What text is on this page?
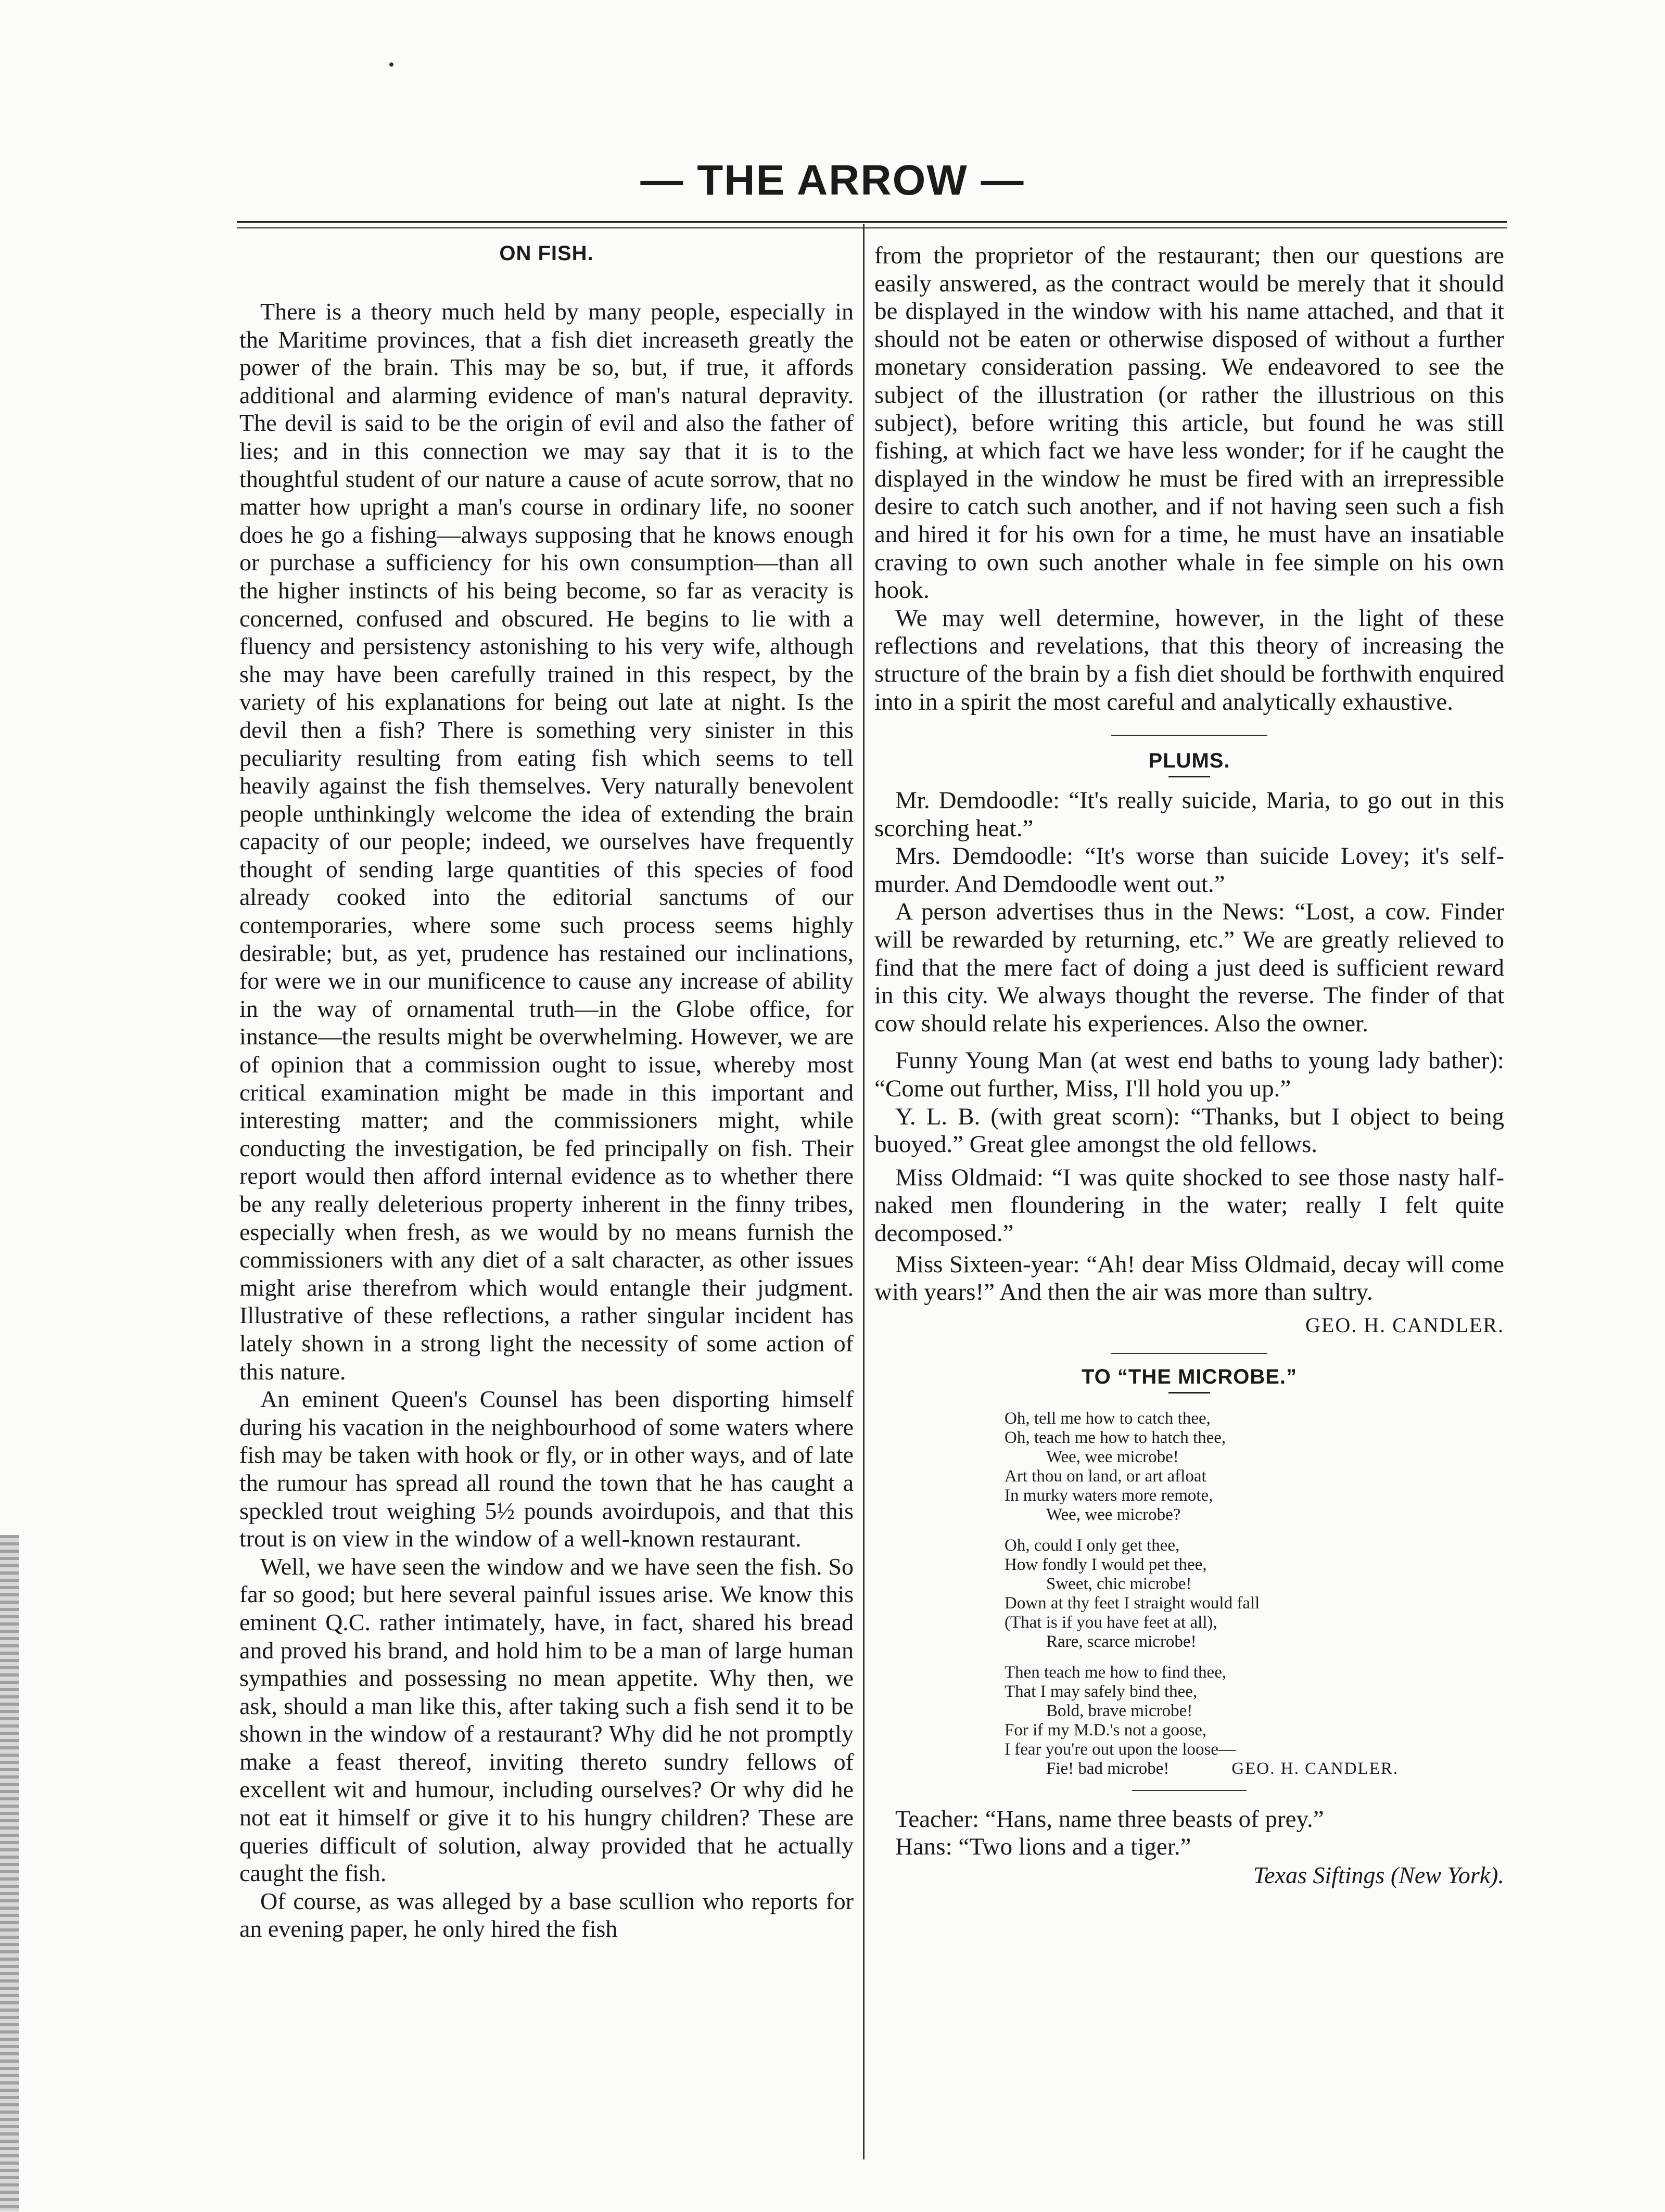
— THE ARROW —

ON FISH.

There is a theory much held by many people, especially in the Maritime provinces, that a fish diet increaseth greatly the power of the brain. This may be so, but, if true, it affords additional and alarming evidence of man's natural depravity. The devil is said to be the origin of evil and also the father of lies; and in this connection we may say that it is to the thoughtful student of our nature a cause of acute sorrow, that no matter how upright a man's course in ordinary life, no sooner does he go a fishing—always supposing that he knows enough or purchase a sufficiency for his own consumption—than all the higher instincts of his being become, so far as veracity is concerned, confused and obscured. He begins to lie with a fluency and persistency astonishing to his very wife, although she may have been carefully trained in this respect, by the variety of his explanations for being out late at night. Is the devil then a fish? There is something very sinister in this peculiarity resulting from eating fish which seems to tell heavily against the fish themselves. Very naturally benevolent people unthinkingly welcome the idea of extending the brain capacity of our people; indeed, we ourselves have frequently thought of sending large quantities of this species of food already cooked into the editorial sanctums of our contemporaries, where some such process seems highly desirable; but, as yet, prudence has restained our inclinations, for were we in our munificence to cause any increase of ability in the way of ornamental truth—in the Globe office, for instance—the results might be overwhelming. However, we are of opinion that a commission ought to issue, whereby most critical examination might be made in this important and interesting matter; and the commissioners might, while conducting the investigation, be fed principally on fish. Their report would then afford internal evidence as to whether there be any really deleterious property inherent in the finny tribes, especially when fresh, as we would by no means furnish the commissioners with any diet of a salt character, as other issues might arise therefrom which would entangle their judgment. Illustrative of these reflections, a rather singular incident has lately shown in a strong light the necessity of some action of this nature.

An eminent Queen's Counsel has been disporting himself during his vacation in the neighbourhood of some waters where fish may be taken with hook or fly, or in other ways, and of late the rumour has spread all round the town that he has caught a speckled trout weighing 5½ pounds avoirdupois, and that this trout is on view in the window of a well-known restaurant.

Well, we have seen the window and we have seen the fish. So far so good; but here several painful issues arise. We know this eminent Q.C. rather intimately, have, in fact, shared his bread and proved his brand, and hold him to be a man of large human sympathies and possessing no mean appetite. Why then, we ask, should a man like this, after taking such a fish send it to be shown in the window of a restaurant? Why did he not promptly make a feast thereof, inviting thereto sundry fellows of excellent wit and humour, including ourselves? Or why did he not eat it himself or give it to his hungry children? These are queries difficult of solution, alway provided that he actually caught the fish.

Of course, as was alleged by a base scullion who reports for an evening paper, he only hired the fish

from the proprietor of the restaurant; then our questions are easily answered, as the contract would be merely that it should be displayed in the window with his name attached, and that it should not be eaten or otherwise disposed of without a further monetary consideration passing. We endeavored to see the subject of the illustration (or rather the illustrious on this subject), before writing this article, but found he was still fishing, at which fact we have less wonder; for if he caught the displayed in the window he must be fired with an irrepressible desire to catch such another, and if not having seen such a fish and hired it for his own for a time, he must have an insatiable craving to own such another whale in fee simple on his own hook.

We may well determine, however, in the light of these reflections and revelations, that this theory of increasing the structure of the brain by a fish diet should be forthwith enquired into in a spirit the most careful and analytically exhaustive.

PLUMS.

Mr. Demdoodle: “It's really suicide, Maria, to go out in this scorching heat.”

Mrs. Demdoodle: “It's worse than suicide Lovey; it's self-murder. And Demdoodle went out.”

A person advertises thus in the News: “Lost, a cow. Finder will be rewarded by returning, etc.” We are greatly relieved to find that the mere fact of doing a just deed is sufficient reward in this city. We always thought the reverse. The finder of that cow should relate his experiences. Also the owner.

Funny Young Man (at west end baths to young lady bather): “Come out further, Miss, I'll hold you up.”

Y. L. B. (with great scorn): “Thanks, but I object to being buoyed.” Great glee amongst the old fellows.

Miss Oldmaid: “I was quite shocked to see those nasty half-naked men floundering in the water; really I felt quite decomposed.”

Miss Sixteen-year: “Ah! dear Miss Oldmaid, decay will come with years!” And then the air was more than sultry.

GEO. H. CANDLER.

TO “THE MICROBE.”

Oh, tell me how to catch thee,
Oh, teach me how to hatch thee,
Wee, wee microbe!
Art thou on land, or art afloat
In murky waters more remote,
Wee, wee microbe?
Oh, could I only get thee,
How fondly I would pet thee,
Sweet, chic microbe!
Down at thy feet I straight would fall
(That is if you have feet at all),
Rare, scarce microbe!
Then teach me how to find thee,
That I may safely bind thee,
Bold, brave microbe!
For if my M.D.'s not a goose,
I fear you're out upon the loose—
Fie! bad microbe!	GEO. H. CANDLER.

Teacher: “Hans, name three beasts of prey.”

Hans: “Two lions and a tiger.”

Texas Siftings (New York).
